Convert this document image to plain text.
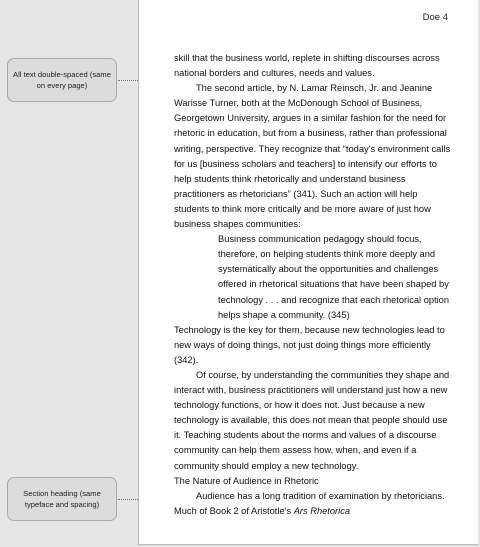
All text double-spaced (same on every page)
Section heading (same typeface and spacing)
Doe 4

skill that the business world, replete in shifting discourses across national borders and cultures, needs and values.

The second article, by N. Lamar Reinsch, Jr. and Jeanine Warisse Turner, both at the McDonough School of Business, Georgetown University, argues in a similar fashion for the need for rhetoric in education, but from a business, rather than professional writing, perspective. They recognize that “today’s environment calls for us [business scholars and teachers] to intensify our efforts to help students think rhetorically and understand business practitioners as rhetoricians” (341). Such an action will help students to think more critically and be more aware of just how business shapes communities:

Business communication pedagogy should focus, therefore, on helping students think more deeply and systematically about the opportunities and challenges offered in rhetorical situations that have been shaped by technology . . . and recognize that each rhetorical option helps shape a community. (345)

Technology is the key for them, because new technologies lead to new ways of doing things, not just doing things more efficiently (342).

Of course, by understanding the communities they shape and interact with, business practitioners will understand just how a new technology functions, or how it does not. Just because a new technology is available, this does not mean that people should use it. Teaching students about the norms and values of a discourse community can help them assess how, when, and even if a community should employ a new technology.

The Nature of Audience in Rhetoric

Audience has a long tradition of examination by rhetoricians. Much of Book 2 of Aristotle’s Ars Rhetorica
